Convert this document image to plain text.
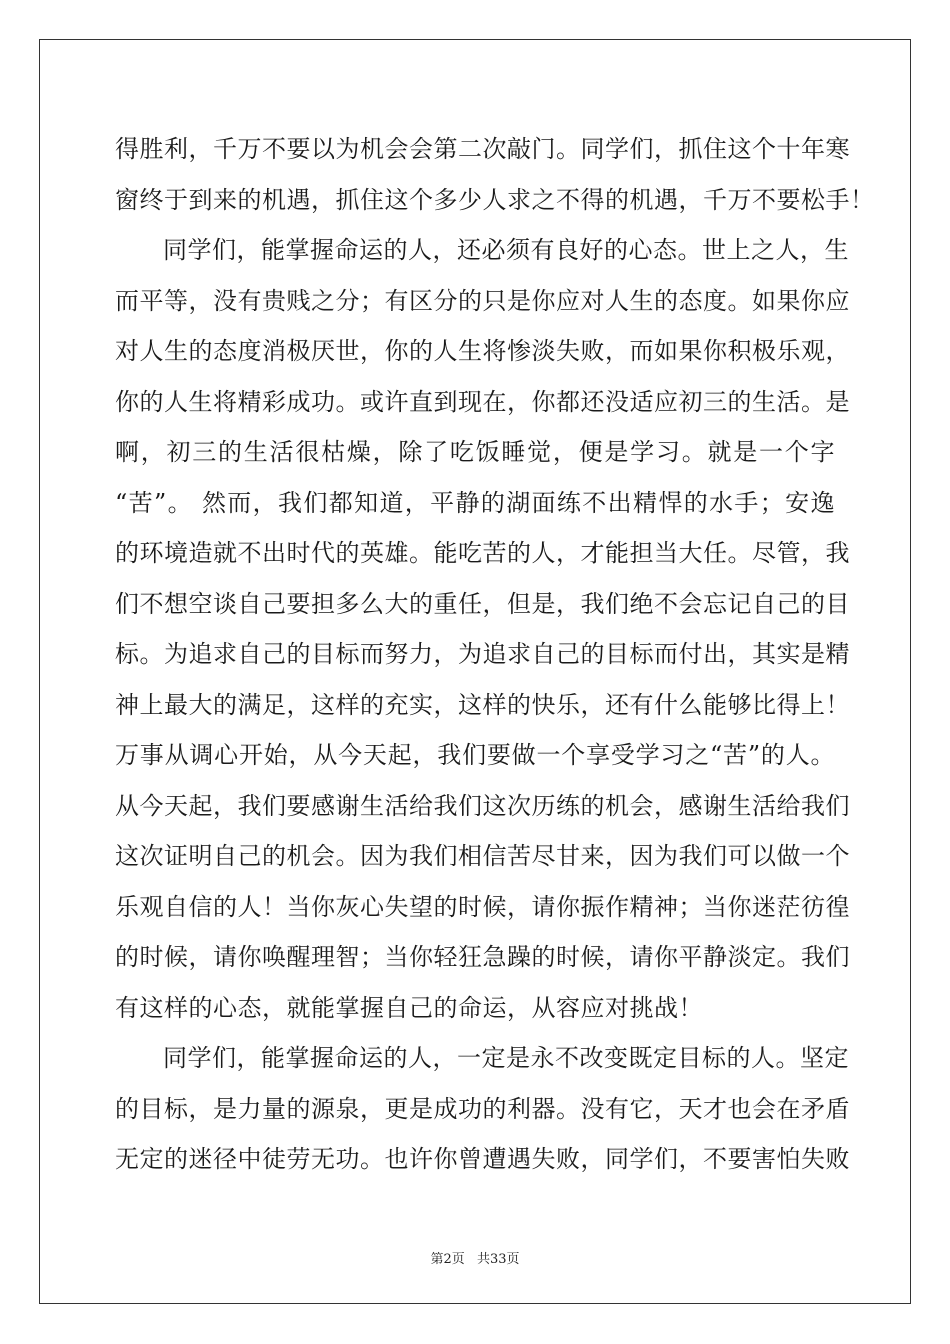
得胜利，千万不要以为机会会第二次敲门。同学们，抓住这个十年寒
窗终于到来的机遇，抓住这个多少人求之不得的机遇，千万不要松手！
同学们，能掌握命运的人，还必须有良好的心态。世上之人，生
而平等，没有贵贱之分；有区分的只是你应对人生的态度。如果你应
对人生的态度消极厌世，你的人生将惨淡失败，而如果你积极乐观，
你的人生将精彩成功。或许直到现在，你都还没适应初三的生活。是
啊，初三的生活很枯燥，除了吃饭睡觉，便是学习。就是一个字
“苦”。 然而，我们都知道，平静的湖面练不出精悍的水手；安逸
的环境造就不出时代的英雄。能吃苦的人，才能担当大任。尽管，我
们不想空谈自己要担多么大的重任，但是，我们绝不会忘记自己的目
标。为追求自己的目标而努力，为追求自己的目标而付出，其实是精
神上最大的满足，这样的充实，这样的快乐，还有什么能够比得上！
万事从调心开始，从今天起，我们要做一个享受学习之“苦”的人。
从今天起，我们要感谢生活给我们这次历练的机会，感谢生活给我们
这次证明自己的机会。因为我们相信苦尽甘来，因为我们可以做一个
乐观自信的人！当你灰心失望的时候，请你振作精神；当你迷茫彷徨
的时候，请你唤醒理智；当你轻狂急躁的时候，请你平静淡定。我们
有这样的心态，就能掌握自己的命运，从容应对挑战！
同学们，能掌握命运的人，一定是永不改变既定目标的人。坚定
的目标，是力量的源泉，更是成功的利器。没有它，天才也会在矛盾
无定的迷径中徒劳无功。也许你曾遭遇失败，同学们，不要害怕失败
第2页 共33页
